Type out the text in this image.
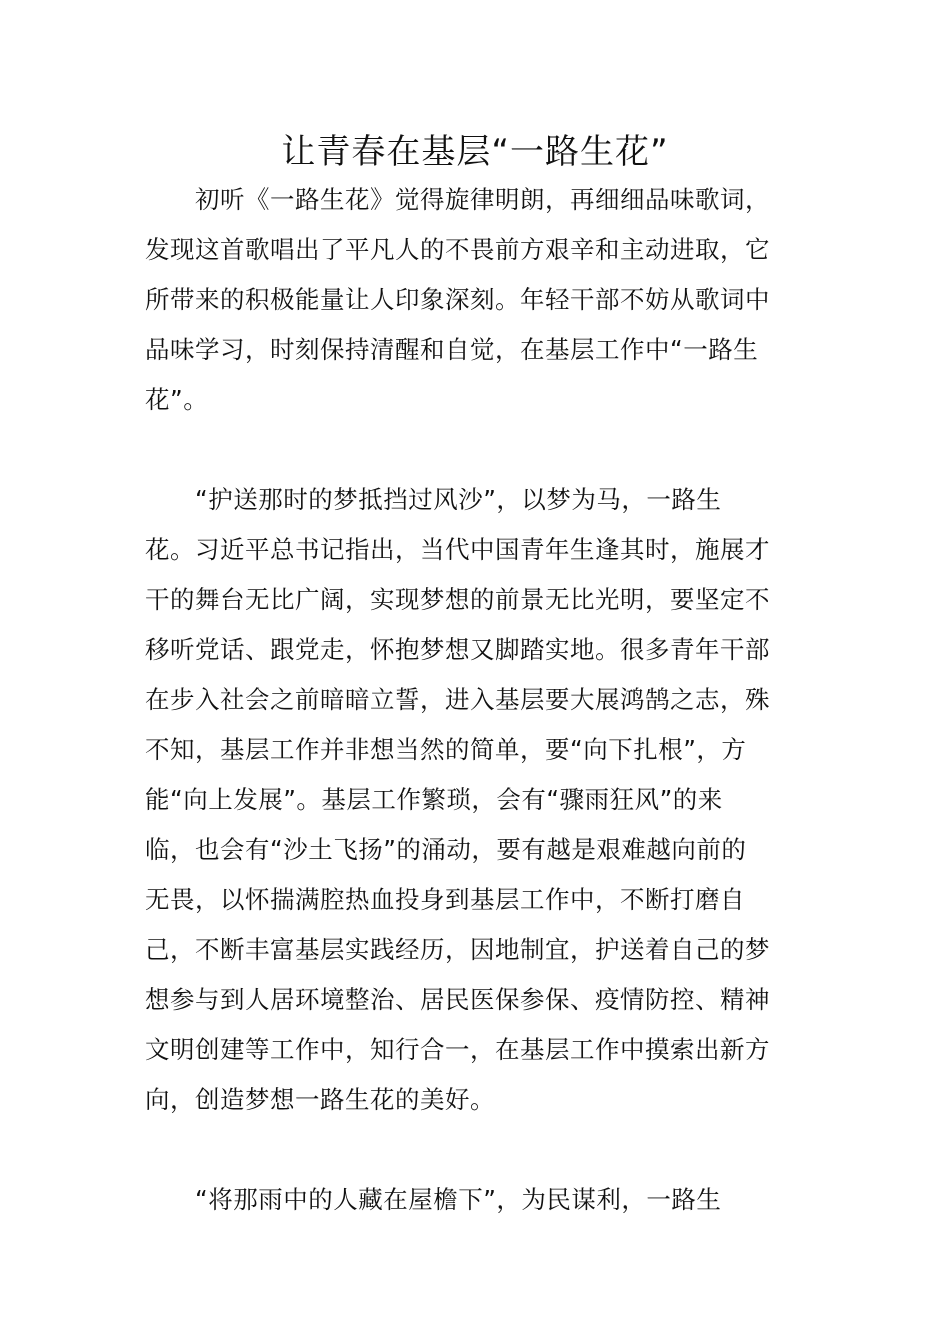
让青春在基层“一路生花”

初听《一路生花》觉得旋律明朗，再细细品味歌词，
发现这首歌唱出了平凡人的不畏前方艰辛和主动进取，它
所带来的积极能量让人印象深刻。年轻干部不妨从歌词中
品味学习，时刻保持清醒和自觉，在基层工作中“一路生
花”。

“护送那时的梦抵挡过风沙”，以梦为马，一路生
花。习近平总书记指出，当代中国青年生逢其时，施展才
干的舞台无比广阔，实现梦想的前景无比光明，要坚定不
移听党话、跟党走，怀抱梦想又脚踏实地。很多青年干部
在步入社会之前暗暗立誓，进入基层要大展鸿鹄之志，殊
不知，基层工作并非想当然的简单，要“向下扎根”，方
能“向上发展”。基层工作繁琐，会有“骤雨狂风”的来
临，也会有“沙土飞扬”的涌动，要有越是艰难越向前的
无畏，以怀揣满腔热血投身到基层工作中，不断打磨自
己，不断丰富基层实践经历，因地制宜，护送着自己的梦
想参与到人居环境整治、居民医保参保、疫情防控、精神
文明创建等工作中，知行合一，在基层工作中摸索出新方
向，创造梦想一路生花的美好。

“将那雨中的人藏在屋檐下”，为民谋利，一路生
